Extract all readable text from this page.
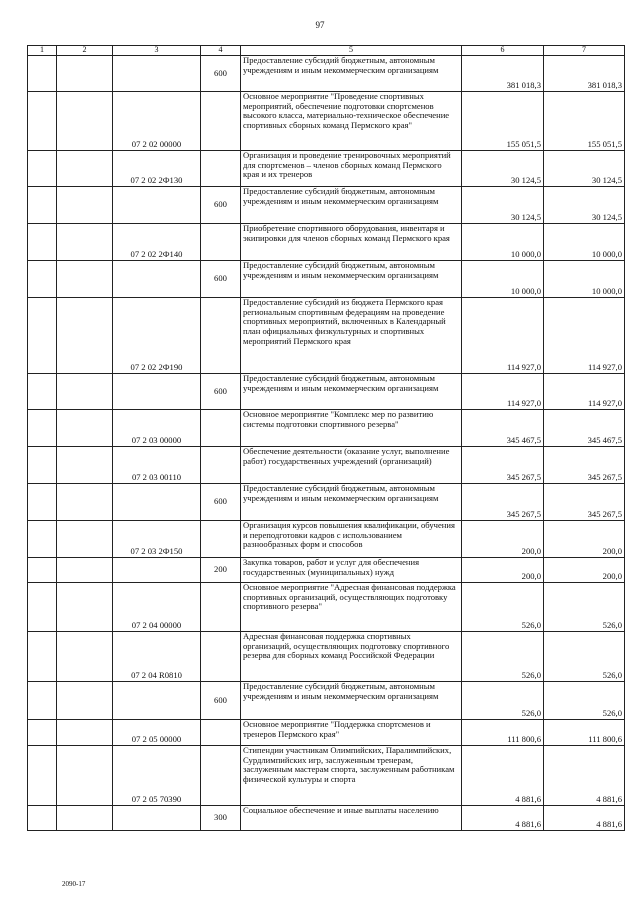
97
1	2	3	4	5	6	7
			600	Предоставление субсидий бюджетным, автономным учреждениям и иным некоммерческим организациям	381 018,3	381 018,3
		07 2 02 00000		Основное мероприятие "Проведение спортивных мероприятий, обеспечение подготовки спортсменов высокого класса, материально-техническое обеспечение спортивных сборных команд Пермского края"	155 051,5	155 051,5
		07 2 02 2Ф130		Организация и проведение тренировочных мероприятий для спортсменов – членов сборных команд Пермского края и их тренеров	30 124,5	30 124,5
			600	Предоставление субсидий бюджетным, автономным учреждениям и иным некоммерческим организациям	30 124,5	30 124,5
		07 2 02 2Ф140		Приобретение спортивного оборудования, инвентаря и экипировки для членов сборных команд Пермского края	10 000,0	10 000,0
			600	Предоставление субсидий бюджетным, автономным учреждениям и иным некоммерческим организациям	10 000,0	10 000,0
		07 2 02 2Ф190		Предоставление субсидий из бюджета Пермского края региональным спортивным федерациям на проведение спортивных мероприятий, включенных в Календарный план официальных физкультурных и спортивных мероприятий Пермского края	114 927,0	114 927,0
			600	Предоставление субсидий бюджетным, автономным учреждениям и иным некоммерческим организациям	114 927,0	114 927,0
		07 2 03 00000		Основное мероприятие "Комплекс мер по развитию системы подготовки спортивного резерва"	345 467,5	345 467,5
		07 2 03 00110		Обеспечение деятельности (оказание услуг, выполнение работ) государственных учреждений (организаций)	345 267,5	345 267,5
			600	Предоставление субсидий бюджетным, автономным учреждениям и иным некоммерческим организациям	345 267,5	345 267,5
		07 2 03 2Ф150		Организация курсов повышения квалификации, обучения и переподготовки кадров с использованием разнообразных форм и способов	200,0	200,0
			200	Закупка товаров, работ и услуг для обеспечения государственных (муниципальных) нужд	200,0	200,0
		07 2 04 00000		Основное мероприятие "Адресная финансовая поддержка спортивных организаций, осуществляющих подготовку спортивного резерва"	526,0	526,0
		07 2 04 R0810		Адресная финансовая поддержка спортивных организаций, осуществляющих подготовку спортивного резерва для сборных команд Российской Федерации	526,0	526,0
			600	Предоставление субсидий бюджетным, автономным учреждениям и иным некоммерческим организациям	526,0	526,0
		07 2 05 00000		Основное мероприятие "Поддержка спортсменов и тренеров Пермского края"	111 800,6	111 800,6
		07 2 05 70390		Стипендии участникам Олимпийских, Паралимпийских, Сурдлимпийских игр, заслуженным тренерам, заслуженным мастерам спорта, заслуженным работникам физической культуры и спорта	4 881,6	4 881,6
			300	Социальное обеспечение и иные выплаты населению	4 881,6	4 881,6
2090-17
